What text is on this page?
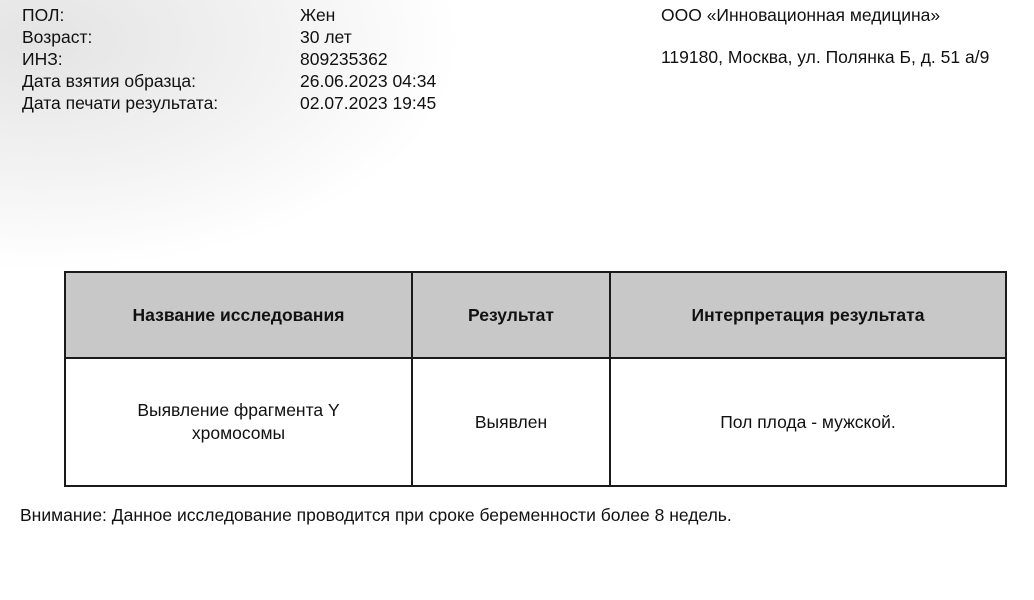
ПОЛ:	Жен
Возраст:	30 лет
ИНЗ:	809235362
Дата взятия образца:	26.06.2023 04:34
Дата печати результата:	02.07.2023 19:45
ООО «Инновационная медицина»
119180, Москва, ул. Полянка Б, д. 51 а/9
Название исследования	Результат	Интерпретация результата
Выявление фрагмента Y
хромосомы	Выявлен	Пол плода - мужской.
Внимание: Данное исследование проводится при сроке беременности более 8 недель.
